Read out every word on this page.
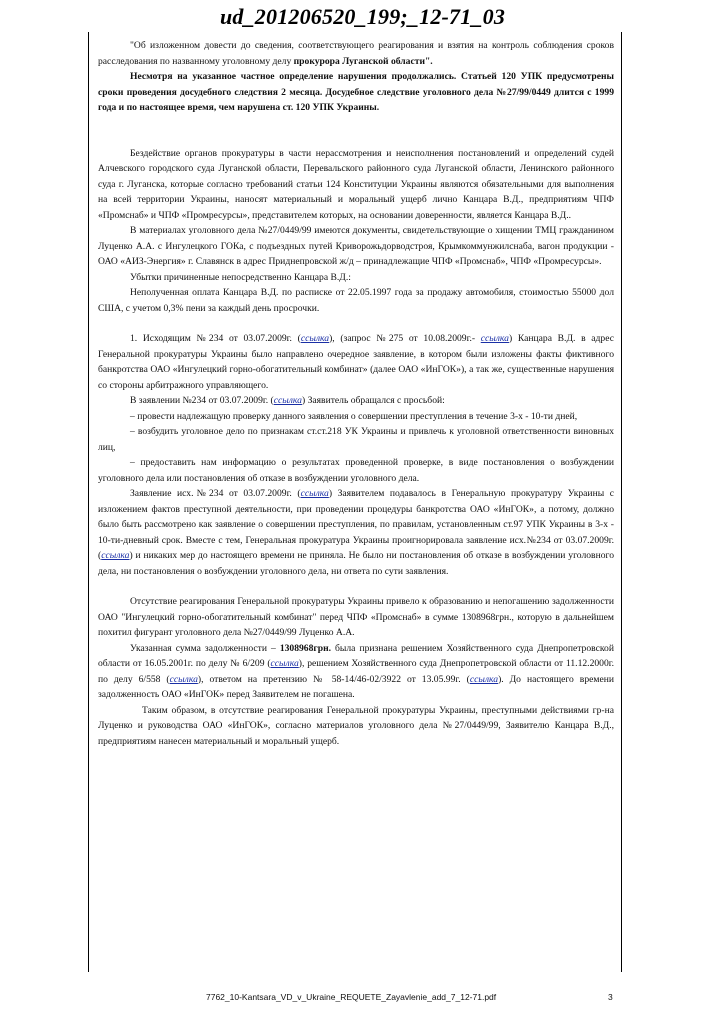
ud_201206520_199;_12-71_03

"Об изложенном довести до сведения, соответствующего реагирования и взятия на контроль соблюдения сроков расследования по названному уголовному делу прокурора Луганской области".

Несмотря на указанное частное определение нарушения продолжались. Статьей 120 УПК предусмотрены сроки проведения досудебного следствия 2 месяца. Досудебное следствие уголовного дела №27/99/0449 длится с 1999 года и по настоящее время, чем нарушена ст. 120 УПК Украины.

Бездействие органов прокуратуры в части нерассмотрения и неисполнения постановлений и определений судей Алчевского городского суда Луганской области, Перевальского районного суда Луганской области, Ленинского районного суда г. Луганска, которые согласно требований статьи 124 Конституции Украины являются обязательными для выполнения на всей территории Украины, наносят материальный и моральный ущерб лично Канцара В.Д., предприятиям ЧПФ «Промснаб» и ЧПФ «Промресурсы», представителем которых, на основании доверенности, является Канцара В.Д..

В материалах уголовного дела №27/0449/99 имеются документы, свидетельствующие о хищении ТМЦ гражданином Луценко А.А. с Ингулецкого ГОКа, с подъездных путей Криворожьдорводстроя, Крымкоммунжилснаба, вагон продукции - ОАО «АИЗ-Энергия» г. Славянск в адрес Приднепровской ж/д – принадлежащие ЧПФ «Промснаб», ЧПФ «Промресурсы».

Убытки причиненные непосредственно Канцара В.Д.:

Неполученная оплата Канцара В.Д. по расписке от 22.05.1997 года за продажу автомобиля, стоимостью 55000 дол США, с учетом 0,3% пени за каждый день просрочки.

1. Исходящим №234 от 03.07.2009г. (ссылка), (запрос №275 от 10.08.2009г.- ссылка) Канцара В.Д. в адрес Генеральной прокуратуры Украины было направлено очередное заявление, в котором были изложены факты фиктивного банкротства ОАО «Ингулецкий горно-обогатительный комбинат» (далее ОАО «ИнГОК»), а так же, существенные нарушения со стороны арбитражного управляющего.

В заявлении №234 от 03.07.2009г. (ссылка) Заявитель обращался с просьбой:

– провести надлежащую проверку данного заявления о совершении преступления в течение 3-х - 10-ти дней,

– возбудить уголовное дело по признакам ст.ст.218 УК Украины и привлечь к уголовной ответственности виновных лиц,

– предоставить нам информацию о результатах проведенной проверке, в виде постановления о возбуждении уголовного дела или постановления об отказе в возбуждении уголовного дела.

Заявление исх.№234 от 03.07.2009г. (ссылка) Заявителем подавалось в Генеральную прокуратуру Украины с изложением фактов преступной деятельности, при проведении процедуры банкротства ОАО «ИнГОК», а потому, должно было быть рассмотрено как заявление о совершении преступления, по правилам, установленным ст.97 УПК Украины в 3-х - 10-ти-дневный срок. Вместе с тем, Генеральная прокуратура Украины проигнорировала заявление исх.№234 от 03.07.2009г. (ссылка) и никаких мер до настоящего времени не приняла. Не было ни постановления об отказе в возбуждении уголовного дела, ни постановления о возбуждении уголовного дела, ни ответа по сути заявления.

Отсутствие реагирования Генеральной прокуратуры Украины привело к образованию и непогашению задолженности ОАО "Ингулецкий горно-обогатительный комбинат" перед ЧПФ «Промснаб» в сумме 1308968грн., которую в дальнейшем похитил фигурант уголовного дела №27/0449/99 Луценко А.А.

Указанная сумма задолженности – 1308968грн. была признана решением Хозяйственного суда Днепропетровской области от 16.05.2001г. по делу № 6/209 (ссылка), решением Хозяйственного суда Днепропетровской области от 11.12.2000г. по делу 6/558 (ссылка), ответом на претензию № 58-14/46-02/3922 от 13.05.99г. (ссылка). До настоящего времени задолженность ОАО «ИнГОК» перед Заявителем не погашена.

Таким образом, в отсутствие реагирования Генеральной прокуратуры Украины, преступными действиями гр-на Луценко и руководства ОАО «ИнГОК», согласно материалов уголовного дела №27/0449/99, Заявителю Канцара В.Д., предприятиям нанесен материальный и моральный ущерб.

7762_10-Kantsara_VD_v_Ukraine_REQUETE_Zayavlenie_add_7_12-71.pdf	3
